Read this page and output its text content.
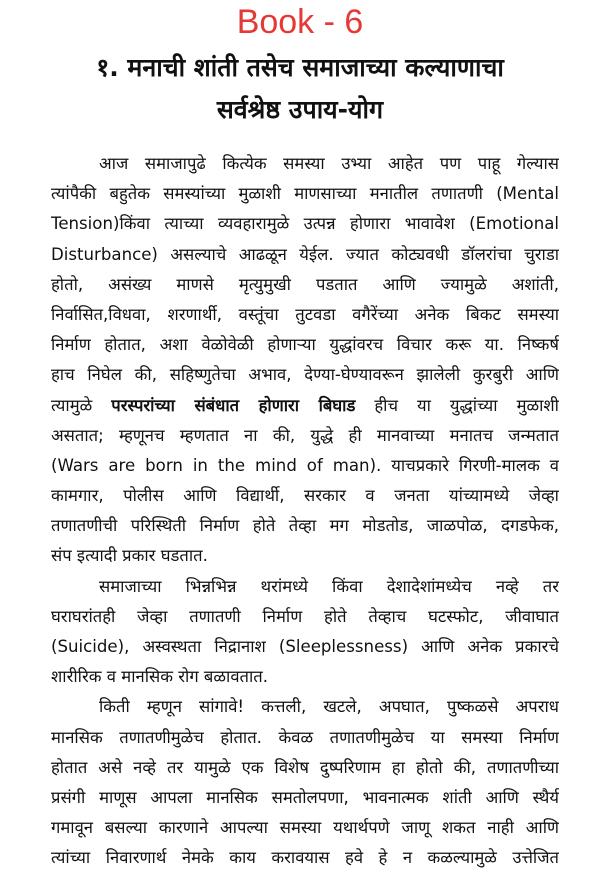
Book - 6
१. मनाची शांती तसेच समाजाच्या कल्याणाचा
सर्वश्रेष्ठ उपाय-योग
आज समाजापुढे कित्येक समस्या उभ्या आहेत पण पाहू गेल्यास
त्यांपैकी बहुतेक समस्यांच्या मुळाशी माणसाच्या मनातील तणातणी (Mental
Tension)किंवा त्याच्या व्यवहारामुळे उत्पन्न होणारा भावावेश (Emotional
Disturbance) असल्याचे आढळून येईल. ज्यात कोट्यवधी डॉलरांचा चुराडा
होतो, असंख्य माणसे मृत्युमुखी पडतात आणि ज्यामुळे अशांती,
निर्वासित,विधवा, शरणार्थी, वस्तूंचा तुटवडा वगैरेंच्या अनेक बिकट समस्या
निर्माण होतात, अशा वेळोवेळी होणाऱ्या युद्धांवरच विचार करू या. निष्कर्ष
हाच निघेल की, सहिष्णुतेचा अभाव, देण्या-घेण्यावरून झालेली कुरबुरी आणि
त्यामुळे परस्परांच्या संबंधात होणारा बिघाड हीच या युद्धांच्या मुळाशी
असतात; म्हणूनच म्हणतात ना की, युद्धे ही मानवाच्या मनातच जन्मतात
(Wars are born in the mind of man). याचप्रकारे गिरणी-मालक व
कामगार, पोलीस आणि विद्यार्थी, सरकार व जनता यांच्यामध्ये जेव्हा
तणातणीची परिस्थिती निर्माण होते तेव्हा मग मोडतोड, जाळपोळ, दगडफेक,
संप इत्यादी प्रकार घडतात.
समाजाच्या भिन्नभिन्न थरांमध्ये किंवा देशादेशांमध्येच नव्हे तर
घराघरांतही जेव्हा तणातणी निर्माण होते तेव्हाच घटस्फोट, जीवाघात
(Suicide), अस्वस्थता निद्रानाश (Sleeplessness) आणि अनेक प्रकारचे
शारीरिक व मानसिक रोग बळावतात.
किती म्हणून सांगावे! कत्तली, खटले, अपघात, पुष्कळसे अपराध
मानसिक तणातणीमुळेच होतात. केवळ तणातणीमुळेच या समस्या निर्माण
होतात असे नव्हे तर यामुळे एक विशेष दुष्परिणाम हा होतो की, तणातणीच्या
प्रसंगी माणूस आपला मानसिक समतोलपणा, भावनात्मक शांती आणि स्थैर्य
गमावून बसल्या कारणाने आपल्या समस्या यथार्थपणे जाणू शकत नाही आणि
त्यांच्या निवारणार्थ नेमके काय करावयास हवे हे न कळल्यामुळे उत्तेजित
